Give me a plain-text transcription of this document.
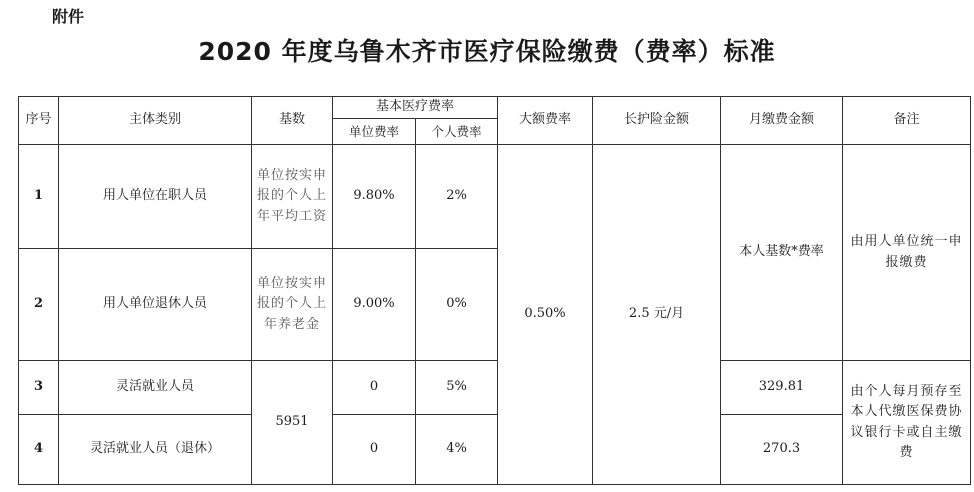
附件
2020 年度乌鲁木齐市医疗保险缴费（费率）标准
序号	主体类别	基数	基本医疗费率		大额费率	长护险金额	月缴费金额	备注
			单位费率	个人费率				
1	用人单位在职人员	单位按实申报的个人上年平均工资	9.80%	2%	0.50%	2.5 元/月	本人基数*费率	由用人单位统一申报缴费
2	用人单位退休人员	单位按实申报的个人上年养老金	9.00%	0%				
3	灵活就业人员	5951	0	5%			329.81	由个人每月预存至本人代缴医保费协议银行卡或自主缴费
4	灵活就业人员（退休）		0	4%			270.3	
